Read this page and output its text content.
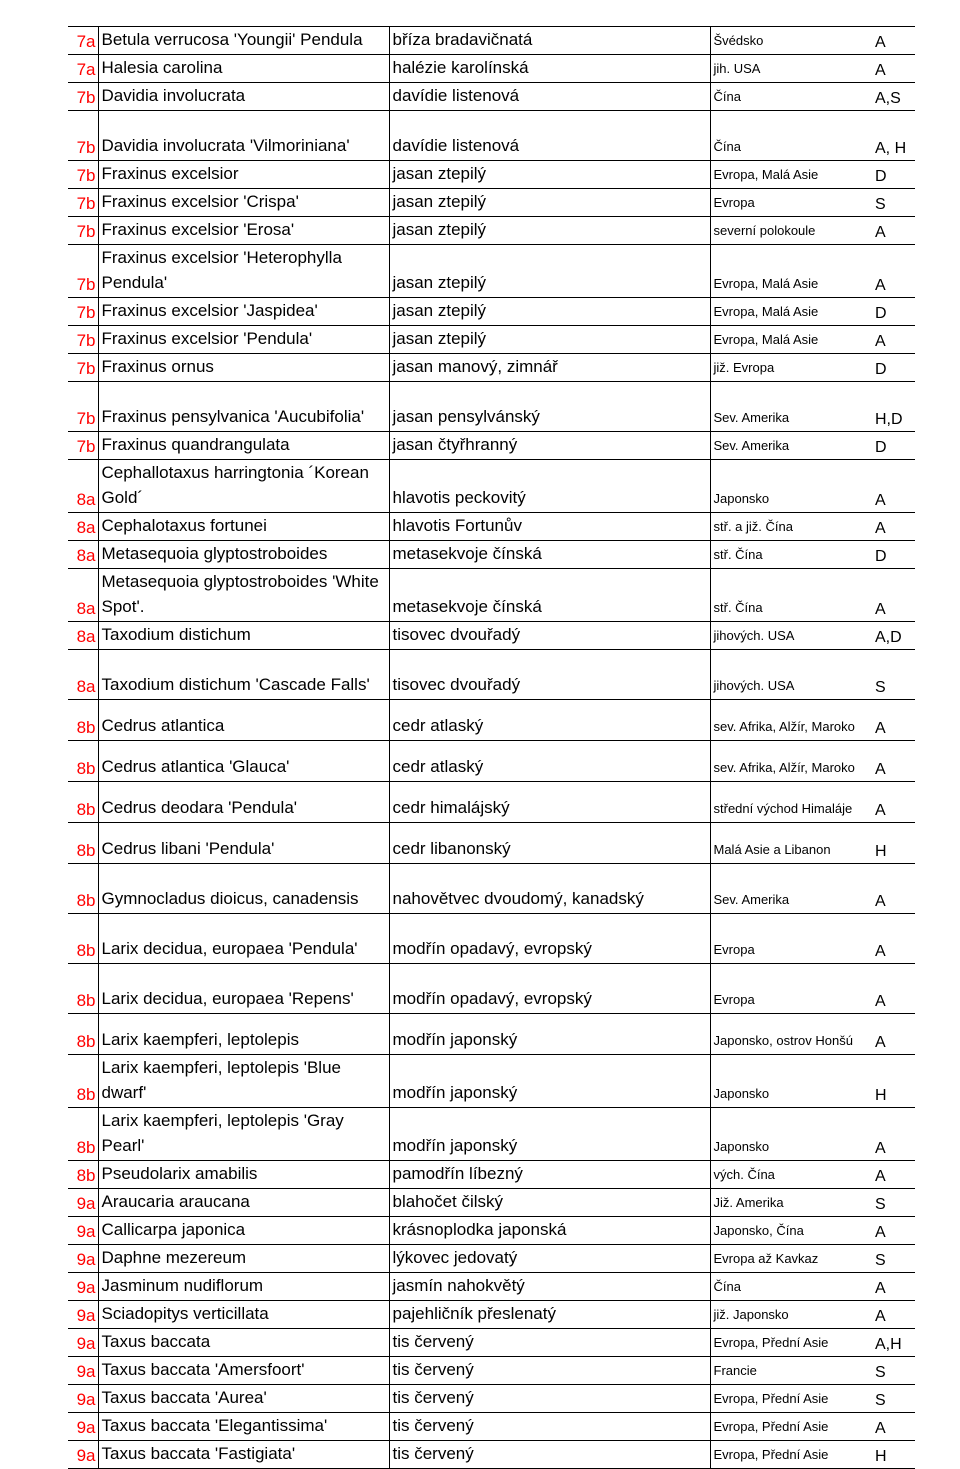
7a	Betula verrucosa 'Youngii' Pendula	bříza bradavičnatá	Švédsko	A
7a	Halesia carolina	halézie karolínská	jih. USA	A
7b	Davidia involucrata	davídie listenová	Čína	A,S
7b	Davidia involucrata 'Vilmoriniana'	davídie listenová	Čína	A, H
7b	Fraxinus excelsior	jasan ztepilý	Evropa, Malá Asie	D
7b	Fraxinus excelsior 'Crispa'	jasan ztepilý	Evropa	S
7b	Fraxinus excelsior 'Erosa'	jasan ztepilý	severní polokoule	A
7b	Fraxinus excelsior 'Heterophylla Pendula'	jasan ztepilý	Evropa, Malá Asie	A
7b	Fraxinus excelsior 'Jaspidea'	jasan ztepilý	Evropa, Malá Asie	D
7b	Fraxinus excelsior 'Pendula'	jasan ztepilý	Evropa, Malá Asie	A
7b	Fraxinus ornus	jasan manový, zimnář	již. Evropa	D
7b	Fraxinus pensylvanica 'Aucubifolia'	jasan pensylvánský	Sev. Amerika	H,D
7b	Fraxinus quandrangulata	jasan čtyřhranný	Sev. Amerika	D
8a	Cephallotaxus harringtonia ´Korean Gold´	hlavotis peckovitý	Japonsko	A
8a	Cephalotaxus fortunei	hlavotis Fortunův	stř. a již. Čína	A
8a	Metasequoia glyptostroboides	metasekvoje čínská	stř. Čína	D
8a	Metasequoia glyptostroboides 'White Spot'.	metasekvoje čínská	stř. Čína	A
8a	Taxodium distichum	tisovec dvouřadý	jihových. USA	A,D
8a	Taxodium distichum 'Cascade Falls'	tisovec dvouřadý	jihových. USA	S
8b	Cedrus atlantica	cedr atlaský	sev. Afrika, Alžír, Maroko	A
8b	Cedrus atlantica 'Glauca'	cedr atlaský	sev. Afrika, Alžír, Maroko	A
8b	Cedrus deodara 'Pendula'	cedr himalájský	střední východ Himaláje	A
8b	Cedrus libani 'Pendula'	cedr libanonský	Malá Asie a Libanon	H
8b	Gymnocladus dioicus, canadensis	nahovětvec dvoudomý, kanadský	Sev. Amerika	A
8b	Larix decidua, europaea 'Pendula'	modřín opadavý, evropský	Evropa	A
8b	Larix decidua, europaea 'Repens'	modřín opadavý, evropský	Evropa	A
8b	Larix kaempferi, leptolepis	modřín japonský	Japonsko, ostrov Honšú	A
8b	Larix kaempferi, leptolepis 'Blue dwarf'	modřín japonský	Japonsko	H
8b	Larix kaempferi, leptolepis 'Gray Pearl'	modřín japonský	Japonsko	A
8b	Pseudolarix amabilis	pamodřín líbezný	vých. Čína	A
9a	Araucaria araucana	blahočet čilský	Již. Amerika	S
9a	Callicarpa japonica	krásnoplodka japonská	Japonsko, Čína	A
9a	Daphne mezereum	lýkovec jedovatý	Evropa až Kavkaz	S
9a	Jasminum nudiflorum	jasmín nahokvětý	Čína	A
9a	Sciadopitys verticillata	pajehličník přeslenatý	již. Japonsko	A
9a	Taxus baccata	tis červený	Evropa, Přední Asie	A,H
9a	Taxus baccata 'Amersfoort'	tis červený	Francie	S
9a	Taxus baccata 'Aurea'	tis červený	Evropa, Přední Asie	S
9a	Taxus baccata 'Elegantissima'	tis červený	Evropa, Přední Asie	A
9a	Taxus baccata 'Fastigiata'	tis červený	Evropa, Přední Asie	H
